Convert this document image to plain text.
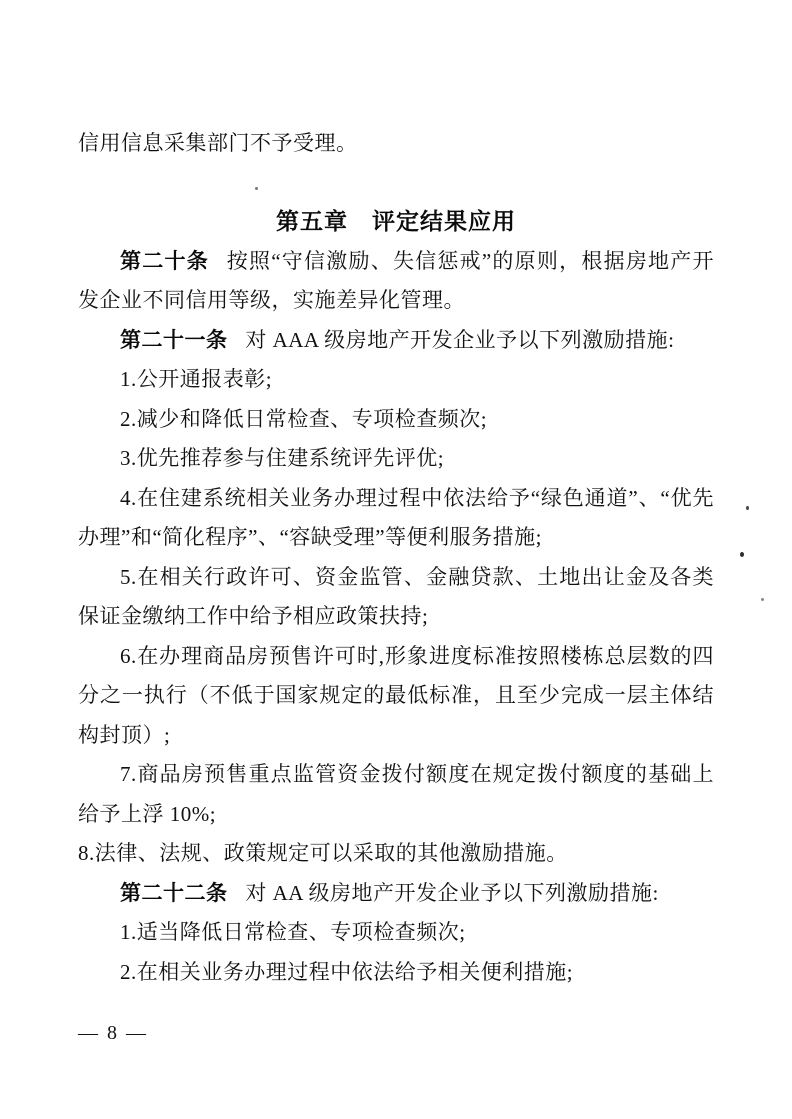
信用信息采集部门不予受理。

第五章　评定结果应用

第二十条 按照“守信激励、失信惩戒”的原则，根据房地产开发企业不同信用等级，实施差异化管理。

第二十一条 对 AAA 级房地产开发企业予以下列激励措施:

1.公开通报表彰;

2.减少和降低日常检查、专项检查频次;

3.优先推荐参与住建系统评先评优;

4.在住建系统相关业务办理过程中依法给予“绿色通道”、“优先办理”和“简化程序”、“容缺受理”等便利服务措施;

5.在相关行政许可、资金监管、金融贷款、土地出让金及各类保证金缴纳工作中给予相应政策扶持;

6.在办理商品房预售许可时,形象进度标准按照楼栋总层数的四分之一执行（不低于国家规定的最低标准，且至少完成一层主体结构封顶）;

7.商品房预售重点监管资金拨付额度在规定拨付额度的基础上给予上浮 10%;

8.法律、法规、政策规定可以采取的其他激励措施。

第二十二条 对 AA 级房地产开发企业予以下列激励措施:

1.适当降低日常检查、专项检查频次;

2.在相关业务办理过程中依法给予相关便利措施;

— 8 —
